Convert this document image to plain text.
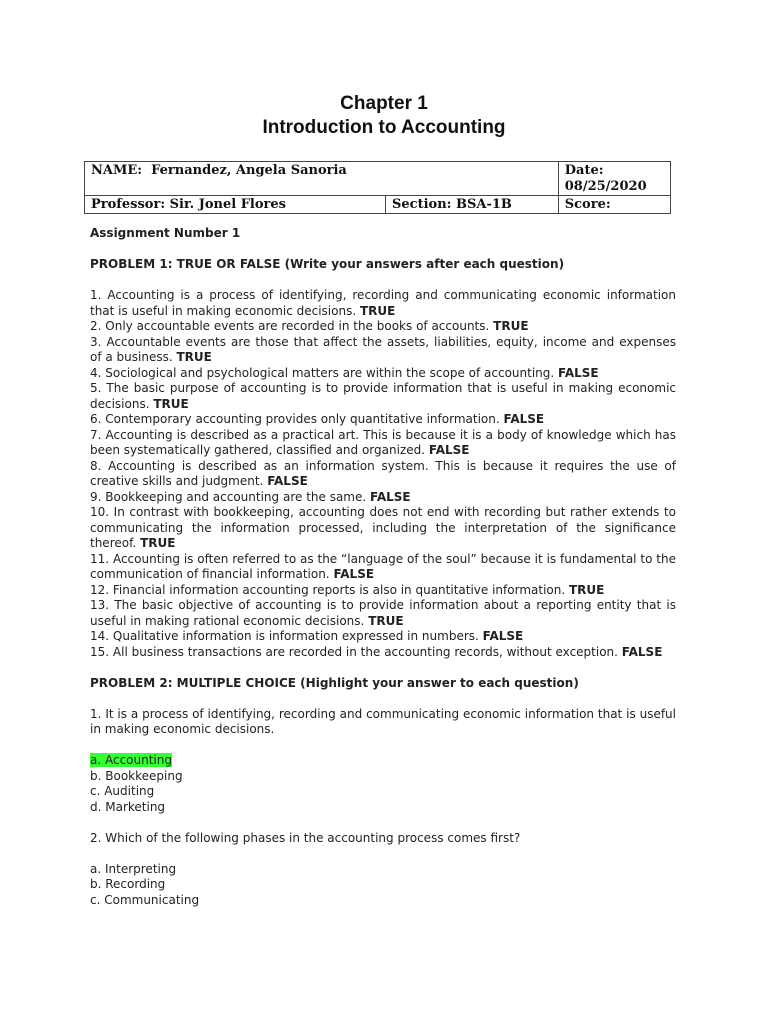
Chapter 1
Introduction to Accounting
NAME: Fernandez, Angela Sanoria		Date:
08/25/2020

Professor: Sir. Jonel Flores	Section: BSA-1B	Score:
Assignment Number 1
PROBLEM 1: TRUE OR FALSE (Write your answers after each question)
1. Accounting is a process of identifying, recording and communicating economic information that is useful in making economic decisions. TRUE
2. Only accountable events are recorded in the books of accounts. TRUE
3. Accountable events are those that affect the assets, liabilities, equity, income and expenses of a business. TRUE
4. Sociological and psychological matters are within the scope of accounting. FALSE
5. The basic purpose of accounting is to provide information that is useful in making economic decisions. TRUE
6. Contemporary accounting provides only quantitative information. FALSE
7. Accounting is described as a practical art. This is because it is a body of knowledge which has been systematically gathered, classified and organized. FALSE
8. Accounting is described as an information system. This is because it requires the use of creative skills and judgment. FALSE
9. Bookkeeping and accounting are the same. FALSE
10. In contrast with bookkeeping, accounting does not end with recording but rather extends to communicating the information processed, including the interpretation of the significance thereof. TRUE
11. Accounting is often referred to as the “language of the soul” because it is fundamental to the communication of financial information. FALSE
12. Financial information accounting reports is also in quantitative information. TRUE
13. The basic objective of accounting is to provide information about a reporting entity that is useful in making rational economic decisions. TRUE
14. Qualitative information is information expressed in numbers. FALSE
15. All business transactions are recorded in the accounting records, without exception. FALSE
PROBLEM 2: MULTIPLE CHOICE (Highlight your answer to each question)
1. It is a process of identifying, recording and communicating economic information that is useful in making economic decisions.
a. Accounting
b. Bookkeeping
c. Auditing
d. Marketing
2. Which of the following phases in the accounting process comes first?
a. Interpreting
b. Recording
c. Communicating
